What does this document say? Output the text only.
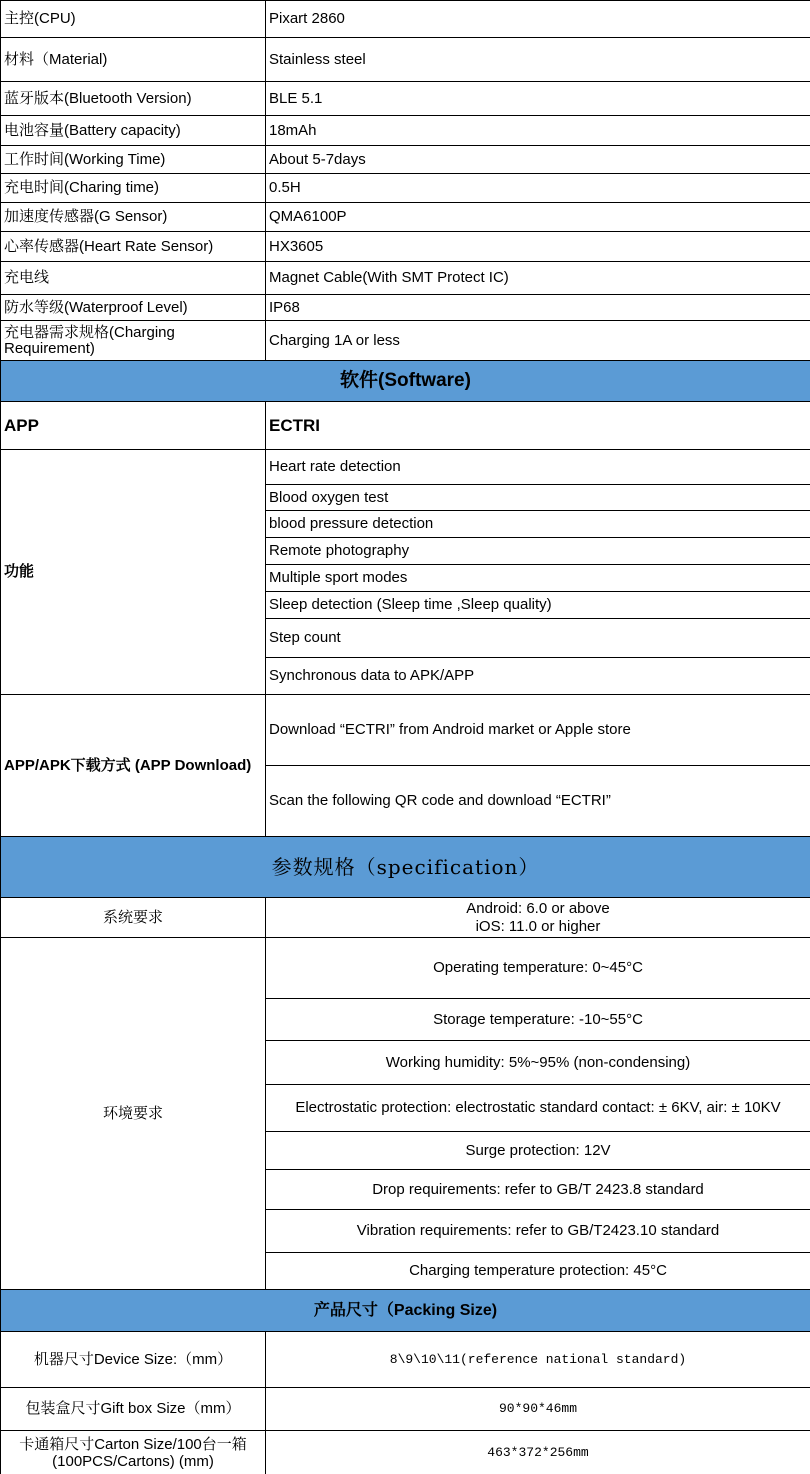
主控(CPU)	Pixart 2860
材料（Material)	Stainless steel
蓝牙版本(Bluetooth Version)	BLE 5.1
电池容量(Battery capacity)	18mAh
工作时间(Working Time)	About 5-7days
充电时间(Charing time)	0.5H
加速度传感器(G Sensor)	QMA6100P
心率传感器(Heart Rate Sensor)	HX3605
充电线	Magnet Cable(With SMT Protect IC)
防水等级(Waterproof Level)	IP68
充电器需求规格(Charging Requirement)	Charging 1A or less
软件(Software)	
APP	ECTRI
功能	Heart rate detection
	Blood oxygen test
	blood pressure detection
	Remote photography
	Multiple sport modes
	Sleep detection (Sleep time ,Sleep quality)
	Step count
	Synchronous data to APK/APP
APP/APK下载方式 (APP Download)	Download “ECTRI” from Android market or Apple store
	Scan the following QR code and download “ECTRI”
参数规格（specification）	
系统要求	Android: 6.0 or above
iOS: 11.0 or higher

环境要求	Operating temperature: 0~45°C
	Storage temperature: -10~55°C
	Working humidity: 5%~95% (non-condensing)
	Electrostatic protection: electrostatic standard contact: ± 6KV, air: ± 10KV
	Surge protection: 12V
	Drop requirements: refer to GB/T 2423.8 standard
	Vibration requirements: refer to GB/T2423.10 standard
	Charging temperature protection: 45°C
产品尺寸（Packing Size)	
机器尺寸Device Size:（mm）	8\9\10\11(reference national standard)
包装盒尺寸Gift box Size（mm）	90*90*46mm
卡通箱尺寸Carton Size/100台一箱(100PCS/Cartons) (mm)	463*372*256mm
